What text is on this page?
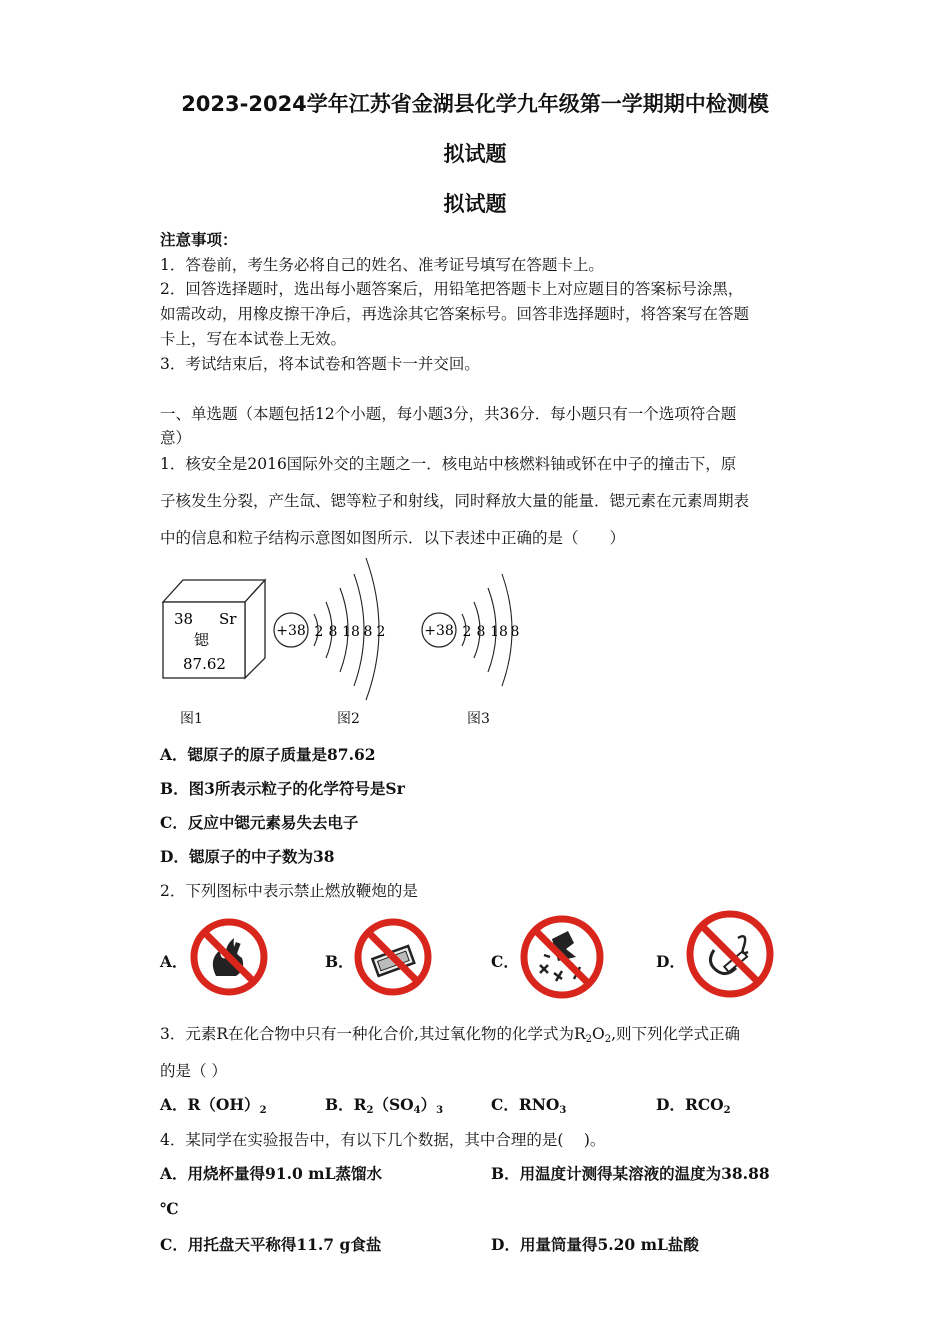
2023-2024学年江苏省金湖县化学九年级第一学期期中检测模
拟试题
拟试题
注意事项：
1．答卷前，考生务必将自己的姓名、准考证号填写在答题卡上。
2．回答选择题时，选出每小题答案后，用铅笔把答题卡上对应题目的答案标号涂黑，
如需改动，用橡皮擦干净后，再选涂其它答案标号。回答非选择题时，将答案写在答题
卡上，写在本试卷上无效。
3．考试结束后，将本试卷和答题卡一并交回。
一、单选题（本题包括12个小题，每小题3分，共36分．每小题只有一个选项符合题
意）
1．核安全是2016国际外交的主题之一．核电站中核燃料铀或钚在中子的撞击下，原
子核发生分裂，产生氙、锶等粒子和射线，同时释放大量的能量．锶元素在元素周期表
中的信息和粒子结构示意图如图所示．以下表述中正确的是（　　）
38 Sr
锶
87.62
图1
+38 2 8 18 8 2
图2
+38 2 8 18 8
图3
A．锶原子的原子质量是87.62
B．图3所表示粒子的化学符号是Sr
C．反应中锶元素易失去电子
D．锶原子的中子数为38
2．下列图标中表示禁止燃放鞭炮的是
A．	B．	C．	D．
3．元素R在化合物中只有一种化合价,其过氧化物的化学式为$R_2O_2$,则下列化学式正确
的是（ ）
A．$R(OH)_2$	B．$R_2(SO_4)_3$	C．$RNO_3$	D．$RCO_2$
4．某同学在实验报告中，有以下几个数据，其中合理的是(　 )。
A．用烧杯量得91.0 mL蒸馏水	B．用温度计测得某溶液的温度为38.88
℃
C．用托盘天平称得11.7 g食盐	D．用量筒量得5.20 mL盐酸
